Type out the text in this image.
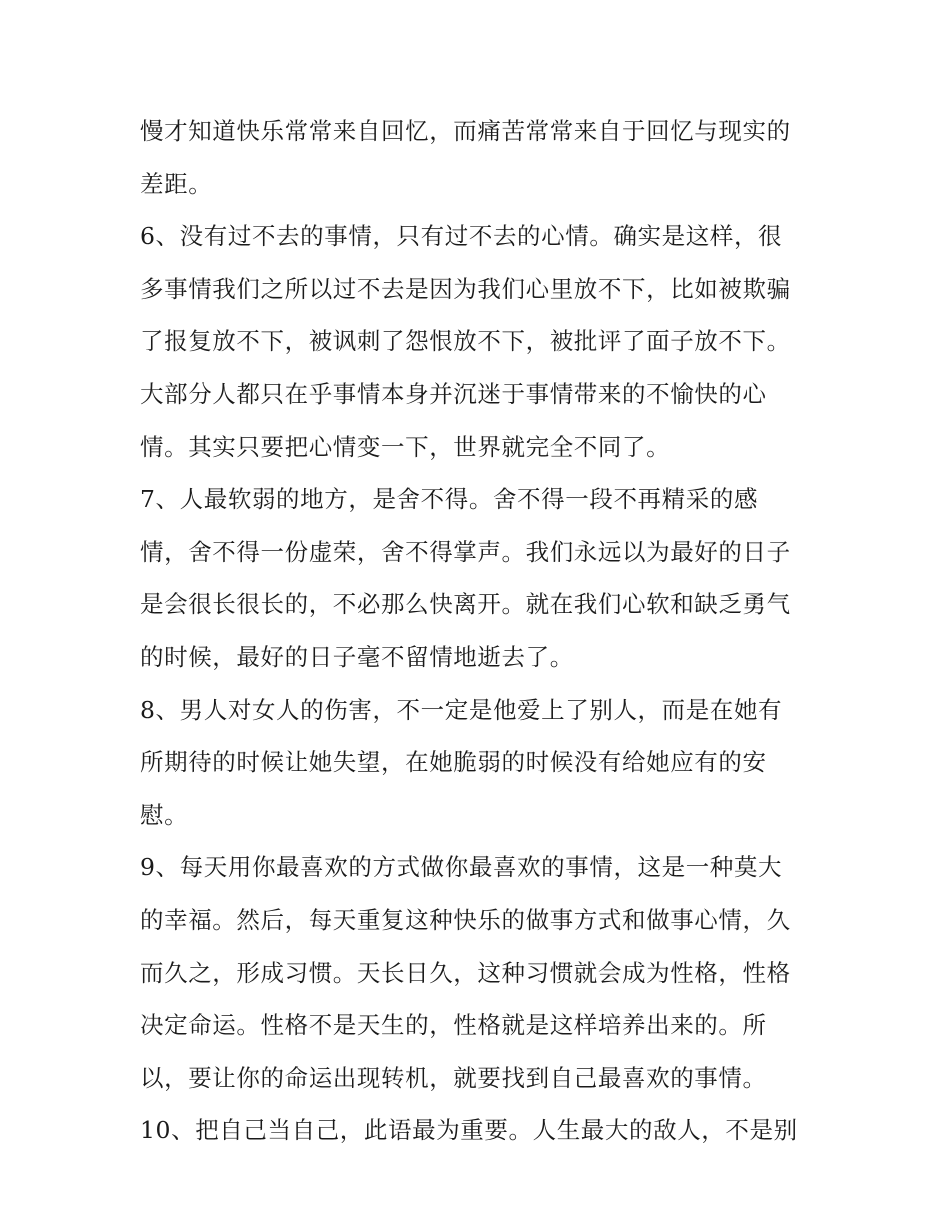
慢才知道快乐常常来自回忆，而痛苦常常来自于回忆与现实的
差距。
6、没有过不去的事情，只有过不去的心情。确实是这样，很
多事情我们之所以过不去是因为我们心里放不下，比如被欺骗
了报复放不下，被讽刺了怨恨放不下，被批评了面子放不下。
大部分人都只在乎事情本身并沉迷于事情带来的不愉快的心
情。其实只要把心情变一下，世界就完全不同了。
7、人最软弱的地方，是舍不得。舍不得一段不再精采的感
情，舍不得一份虚荣，舍不得掌声。我们永远以为最好的日子
是会很长很长的，不必那么快离开。就在我们心软和缺乏勇气
的时候，最好的日子毫不留情地逝去了。
8、男人对女人的伤害，不一定是他爱上了别人，而是在她有
所期待的时候让她失望，在她脆弱的时候没有给她应有的安
慰。
9、每天用你最喜欢的方式做你最喜欢的事情，这是一种莫大
的幸福。然后，每天重复这种快乐的做事方式和做事心情，久
而久之，形成习惯。天长日久，这种习惯就会成为性格，性格
决定命运。性格不是天生的，性格就是这样培养出来的。所
以，要让你的命运出现转机，就要找到自己最喜欢的事情。
10、把自己当自己，此语最为重要。人生最大的敌人，不是别
